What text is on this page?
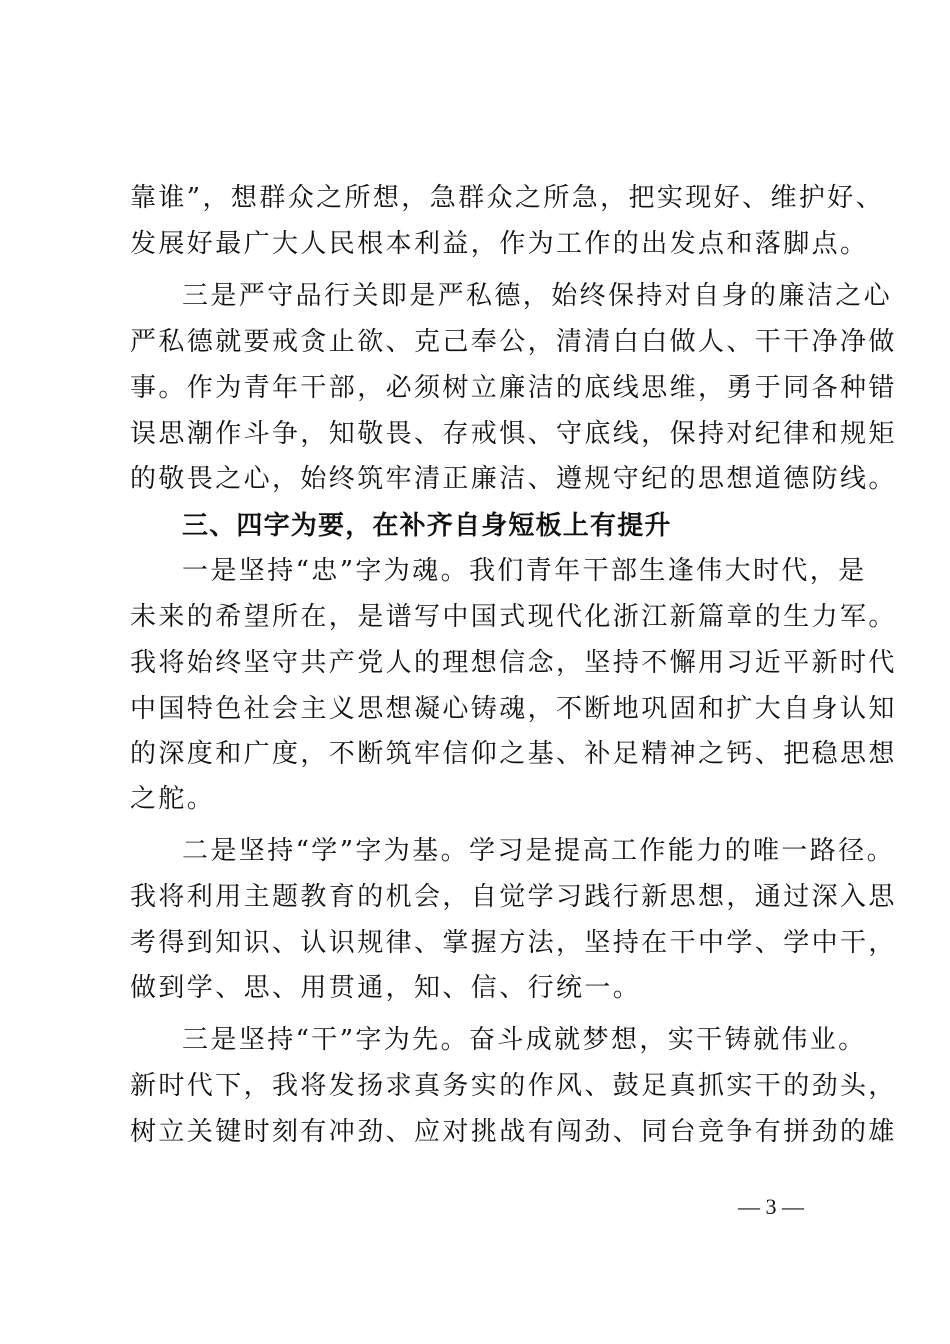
靠谁”，想群众之所想，急群众之所急，把实现好、维护好、
发展好最广大人民根本利益，作为工作的出发点和落脚点。
三是严守品行关即是严私德，始终保持对自身的廉洁之心
严私德就要戒贪止欲、克己奉公，清清白白做人、干干净净做
事。作为青年干部，必须树立廉洁的底线思维，勇于同各种错
误思潮作斗争，知敬畏、存戒惧、守底线，保持对纪律和规矩
的敬畏之心，始终筑牢清正廉洁、遵规守纪的思想道德防线。
三、四字为要，在补齐自身短板上有提升
一是坚持“忠”字为魂。我们青年干部生逢伟大时代，是
未来的希望所在，是谱写中国式现代化浙江新篇章的生力军。
我将始终坚守共产党人的理想信念，坚持不懈用习近平新时代
中国特色社会主义思想凝心铸魂，不断地巩固和扩大自身认知
的深度和广度，不断筑牢信仰之基、补足精神之钙、把稳思想
之舵。
二是坚持“学”字为基。学习是提高工作能力的唯一路径。
我将利用主题教育的机会，自觉学习践行新思想，通过深入思
考得到知识、认识规律、掌握方法，坚持在干中学、学中干，
做到学、思、用贯通，知、信、行统一。
三是坚持“干”字为先。奋斗成就梦想，实干铸就伟业。
新时代下，我将发扬求真务实的作风、鼓足真抓实干的劲头，
树立关键时刻有冲劲、应对挑战有闯劲、同台竞争有拼劲的雄
— 3 —
